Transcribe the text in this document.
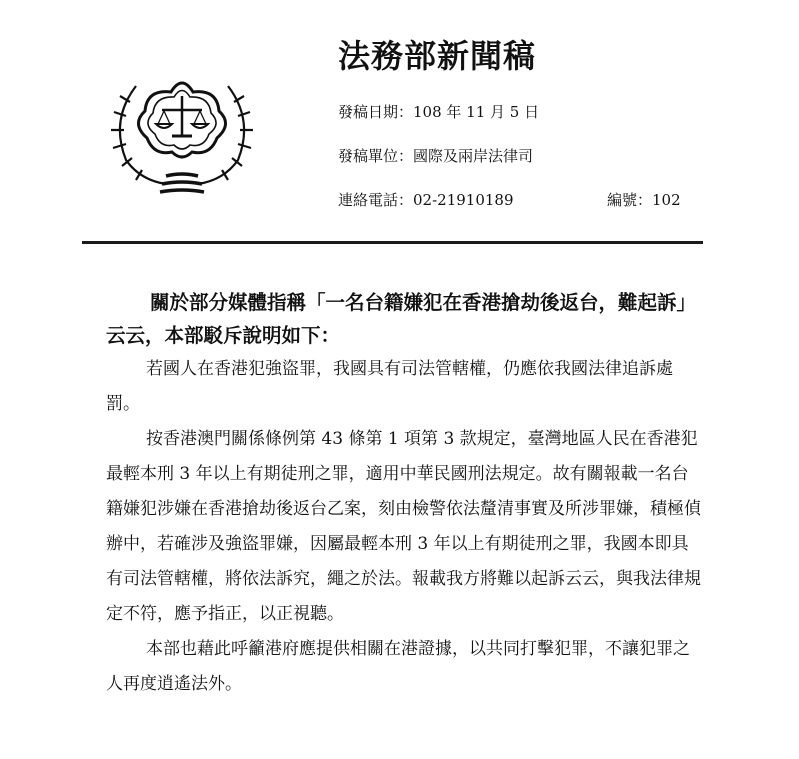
法務部新聞稿
發稿日期：108 年 11 月 5 日
發稿單位：國際及兩岸法律司
連絡電話：02-21910189	編號：102
關於部分媒體指稱「一名台籍嫌犯在香港搶劫後返台，難起訴」云云，本部駁斥說明如下：

若國人在香港犯強盜罪，我國具有司法管轄權，仍應依我國法律追訴處罰。

按香港澳門關係條例第 43 條第 1 項第 3 款規定，臺灣地區人民在香港犯最輕本刑 3 年以上有期徒刑之罪，適用中華民國刑法規定。故有關報載一名台籍嫌犯涉嫌在香港搶劫後返台乙案，刻由檢警依法釐清事實及所涉罪嫌，積極偵辦中，若確涉及強盜罪嫌，因屬最輕本刑 3 年以上有期徒刑之罪，我國本即具有司法管轄權，將依法訴究，繩之於法。報載我方將難以起訴云云，與我法律規定不符，應予指正，以正視聽。

本部也藉此呼籲港府應提供相關在港證據，以共同打擊犯罪，不讓犯罪之人再度逍遙法外。
